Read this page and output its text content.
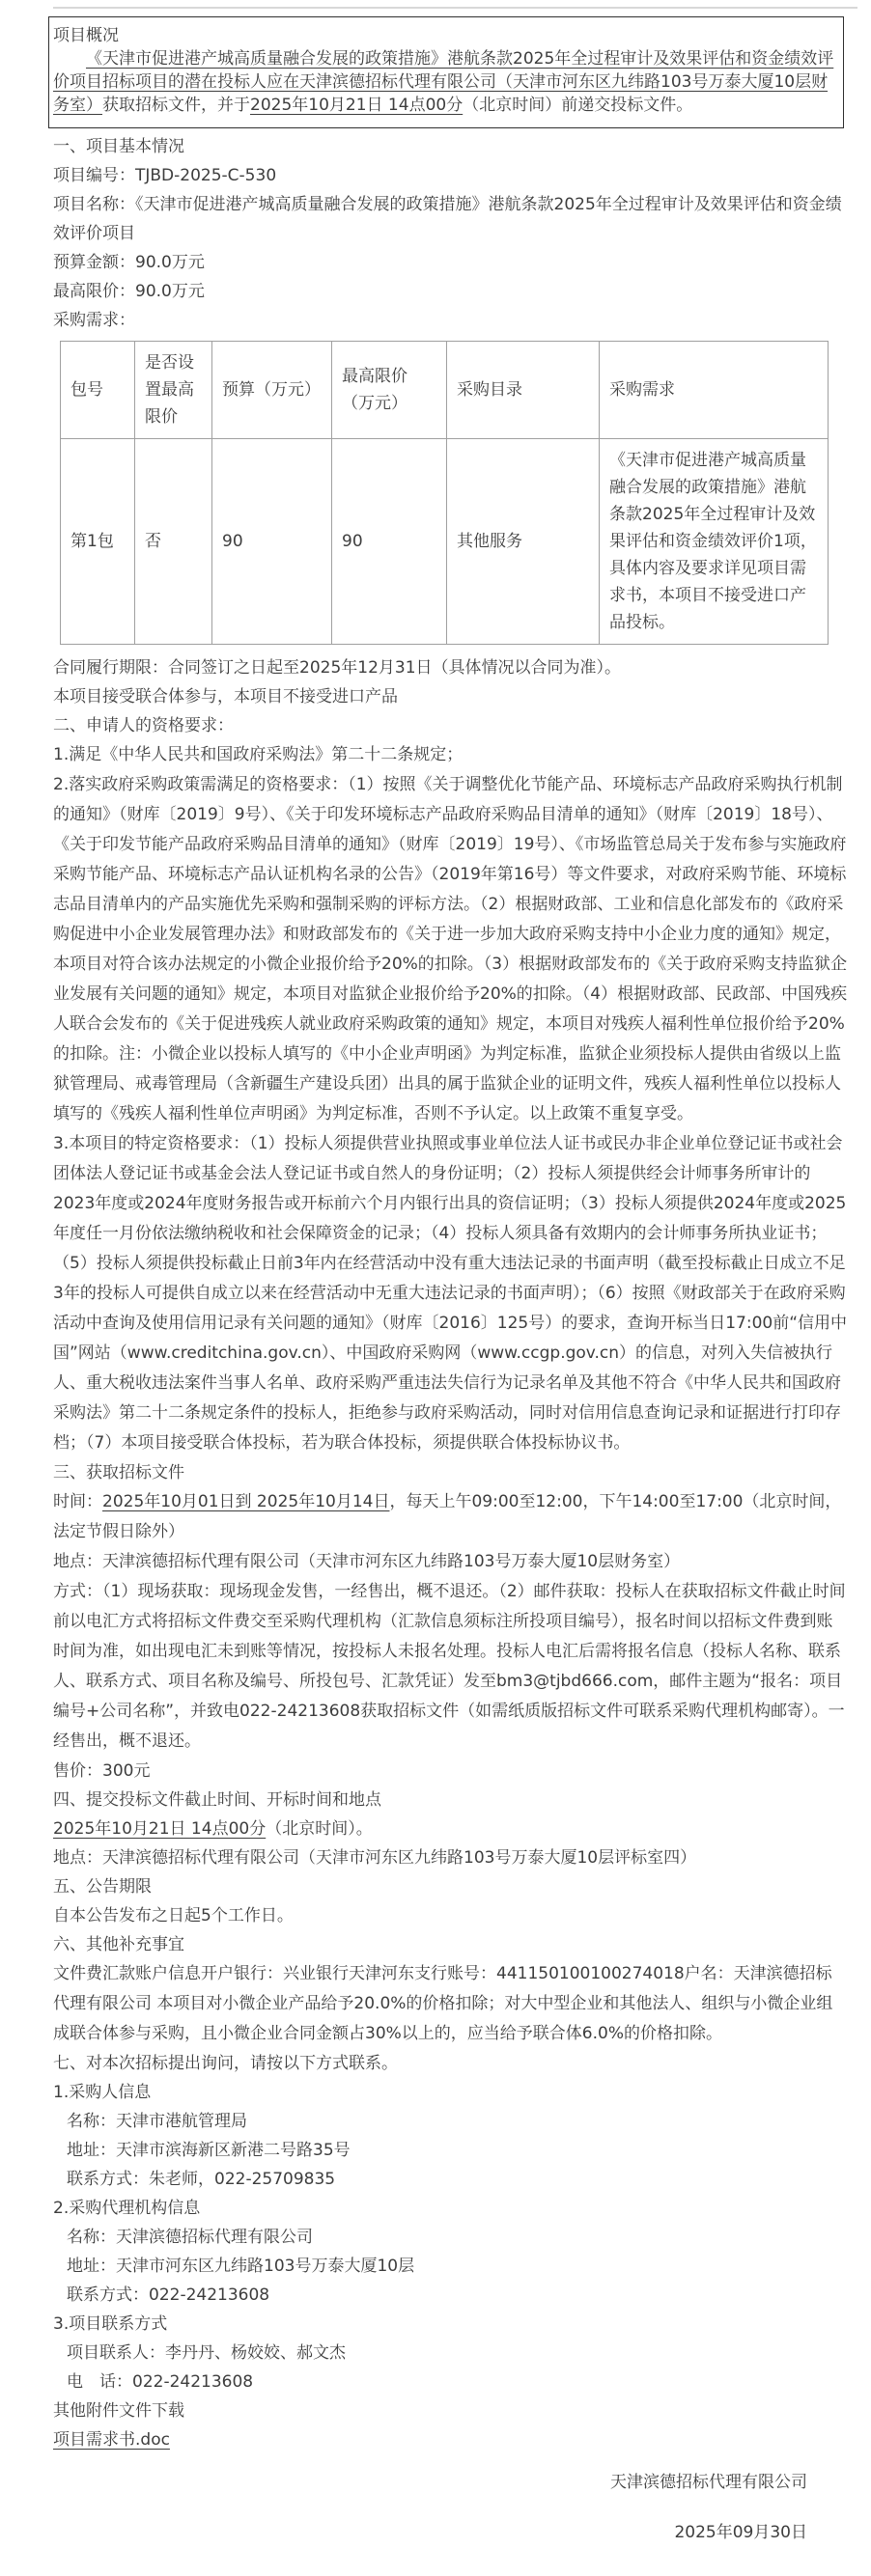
项目概况

《天津市促进港产城高质量融合发展的政策措施》港航条款2025年全过程审计及效果评估和资金绩效评价项目招标项目的潜在投标人应在天津滨德招标代理有限公司（天津市河东区九纬路103号万泰大厦10层财务室）获取招标文件，并于2025年10月21日 14点00分（北京时间）前递交投标文件。

一、项目基本情况

项目编号：TJBD-2025-C-530

项目名称：《天津市促进港产城高质量融合发展的政策措施》港航条款2025年全过程审计及效果评估和资金绩效评价项目

预算金额：90.0万元

最高限价：90.0万元

采购需求：

包号	是否设置最高限价	预算（万元）	最高限价（万元）	采购目录	采购需求
第1包	否	90	90	其他服务	《天津市促进港产城高质量融合发展的政策措施》港航条款2025年全过程审计及效果评估和资金绩效评价1项，具体内容及要求详见项目需求书，本项目不接受进口产品投标。

合同履行期限：合同签订之日起至2025年12月31日（具体情况以合同为准）。

本项目接受联合体参与，本项目不接受进口产品

二、申请人的资格要求：

1.满足《中华人民共和国政府采购法》第二十二条规定；

2.落实政府采购政策需满足的资格要求：（1）按照《关于调整优化节能产品、环境标志产品政府采购执行机制的通知》（财库〔2019〕9号）、《关于印发环境标志产品政府采购品目清单的通知》（财库〔2019〕18号）、《关于印发节能产品政府采购品目清单的通知》（财库〔2019〕19号）、《市场监管总局关于发布参与实施政府采购节能产品、环境标志产品认证机构名录的公告》（2019年第16号）等文件要求，对政府采购节能、环境标志品目清单内的产品实施优先采购和强制采购的评标方法。（2）根据财政部、工业和信息化部发布的《政府采购促进中小企业发展管理办法》和财政部发布的《关于进一步加大政府采购支持中小企业力度的通知》规定，本项目对符合该办法规定的小微企业报价给予20%的扣除。（3）根据财政部发布的《关于政府采购支持监狱企业发展有关问题的通知》规定，本项目对监狱企业报价给予20%的扣除。（4）根据财政部、民政部、中国残疾人联合会发布的《关于促进残疾人就业政府采购政策的通知》规定，本项目对残疾人福利性单位报价给予20%的扣除。注：小微企业以投标人填写的《中小企业声明函》为判定标准，监狱企业须投标人提供由省级以上监狱管理局、戒毒管理局（含新疆生产建设兵团）出具的属于监狱企业的证明文件，残疾人福利性单位以投标人填写的《残疾人福利性单位声明函》为判定标准，否则不予认定。以上政策不重复享受。

3.本项目的特定资格要求：（1）投标人须提供营业执照或事业单位法人证书或民办非企业单位登记证书或社会团体法人登记证书或基金会法人登记证书或自然人的身份证明；（2）投标人须提供经会计师事务所审计的2023年度或2024年度财务报告或开标前六个月内银行出具的资信证明；（3）投标人须提供2024年度或2025年度任一月份依法缴纳税收和社会保障资金的记录；（4）投标人须具备有效期内的会计师事务所执业证书；（5）投标人须提供投标截止日前3年内在经营活动中没有重大违法记录的书面声明（截至投标截止日成立不足3年的投标人可提供自成立以来在经营活动中无重大违法记录的书面声明）；（6）按照《财政部关于在政府采购活动中查询及使用信用记录有关问题的通知》（财库〔2016〕125号）的要求，查询开标当日17:00前“信用中国”网站（www.creditchina.gov.cn）、中国政府采购网（www.ccgp.gov.cn）的信息，对列入失信被执行人、重大税收违法案件当事人名单、政府采购严重违法失信行为记录名单及其他不符合《中华人民共和国政府采购法》第二十二条规定条件的投标人，拒绝参与政府采购活动，同时对信用信息查询记录和证据进行打印存档；（7）本项目接受联合体投标，若为联合体投标，须提供联合体投标协议书。

三、获取招标文件

时间：2025年10月01日到 2025年10月14日，每天上午09:00至12:00，下午14:00至17:00（北京时间，法定节假日除外）

地点：天津滨德招标代理有限公司（天津市河东区九纬路103号万泰大厦10层财务室）

方式：（1）现场获取：现场现金发售，一经售出，概不退还。（2）邮件获取：投标人在获取招标文件截止时间前以电汇方式将招标文件费交至采购代理机构（汇款信息须标注所投项目编号），报名时间以招标文件费到账时间为准，如出现电汇未到账等情况，按投标人未报名处理。投标人电汇后需将报名信息（投标人名称、联系人、联系方式、项目名称及编号、所投包号、汇款凭证）发至bm3@tjbd666.com，邮件主题为“报名：项目编号+公司名称”，并致电022-24213608获取招标文件（如需纸质版招标文件可联系采购代理机构邮寄）。一经售出，概不退还。

售价：300元

四、提交投标文件截止时间、开标时间和地点

2025年10月21日 14点00分（北京时间）。

地点：天津滨德招标代理有限公司（天津市河东区九纬路103号万泰大厦10层评标室四）

五、公告期限

自本公告发布之日起5个工作日。

六、其他补充事宜

文件费汇款账户信息开户银行：兴业银行天津河东支行账号：441150100100274018户名：天津滨德招标代理有限公司 本项目对小微企业产品给予20.0%的价格扣除；对大中型企业和其他法人、组织与小微企业组成联合体参与采购，且小微企业合同金额占30%以上的，应当给予联合体6.0%的价格扣除。

七、对本次招标提出询问，请按以下方式联系。

1.采购人信息

名称：天津市港航管理局

地址：天津市滨海新区新港二号路35号

联系方式：朱老师，022-25709835

2.采购代理机构信息

名称：天津滨德招标代理有限公司

地址：天津市河东区九纬路103号万泰大厦10层

联系方式：022-24213608

3.项目联系方式

项目联系人：李丹丹、杨姣姣、郝文杰

电　话：022-24213608

其他附件文件下载

项目需求书.doc

天津滨德招标代理有限公司

2025年09月30日
